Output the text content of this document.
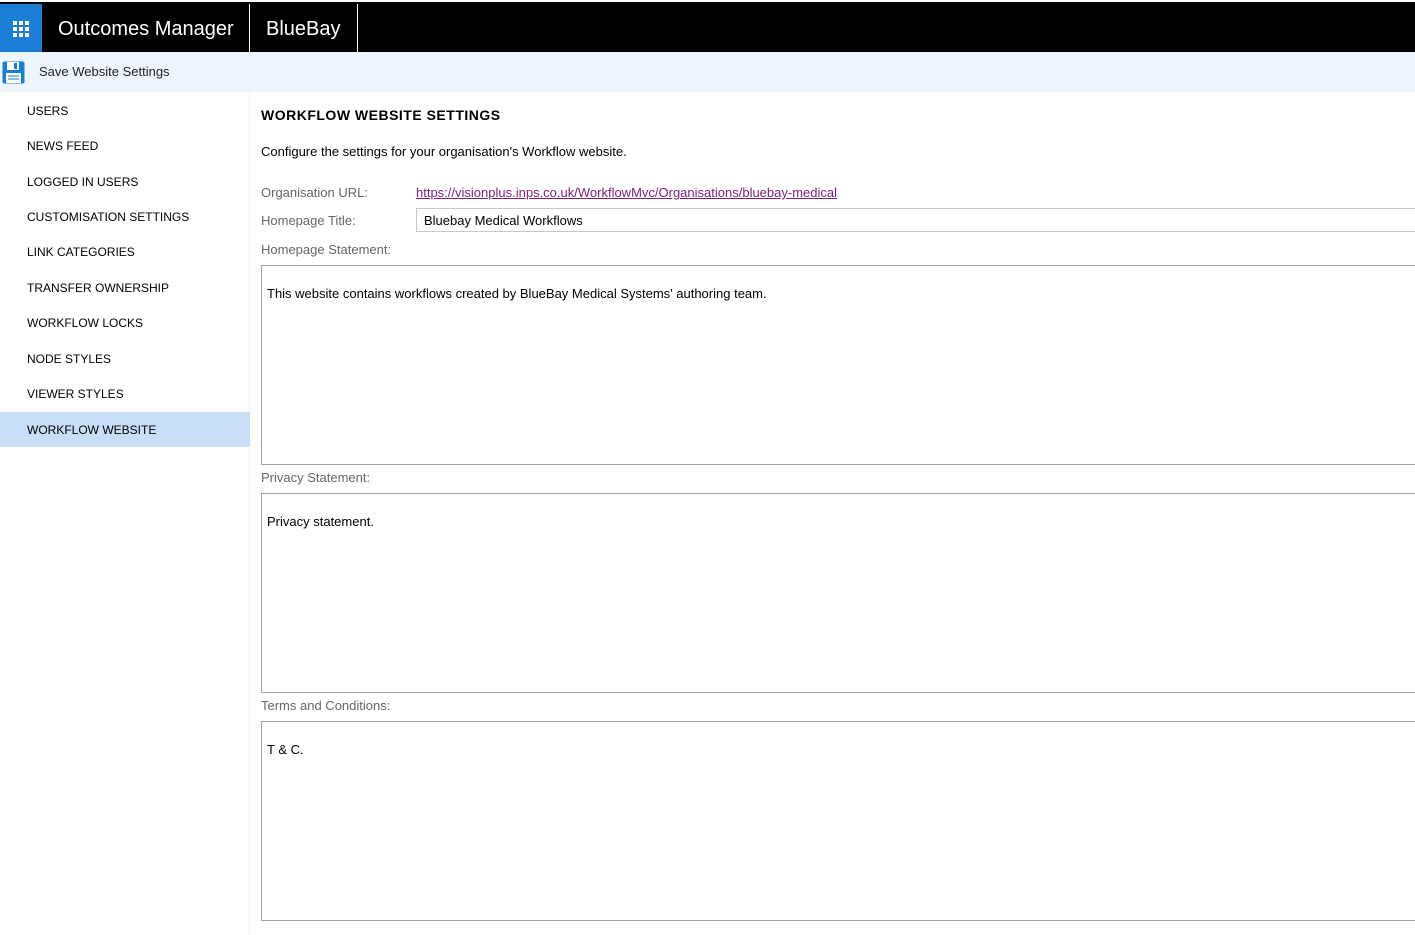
Outcomes Manager	BlueBay
Save Website Settings
USERS
NEWS FEED
LOGGED IN USERS
CUSTOMISATION SETTINGS
LINK CATEGORIES
TRANSFER OWNERSHIP
WORKFLOW LOCKS
NODE STYLES
VIEWER STYLES
WORKFLOW WEBSITE
WORKFLOW WEBSITE SETTINGS
Configure the settings for your organisation's Workflow website.
Organisation URL:	https://visionplus.inps.co.uk/WorkflowMvc/Organisations/bluebay-medical
Homepage Title:
Bluebay Medical Workflows
Homepage Statement:
This website contains workflows created by BlueBay Medical Systems' authoring team.
Privacy Statement:
Privacy statement.
Terms and Conditions:
T & C.
